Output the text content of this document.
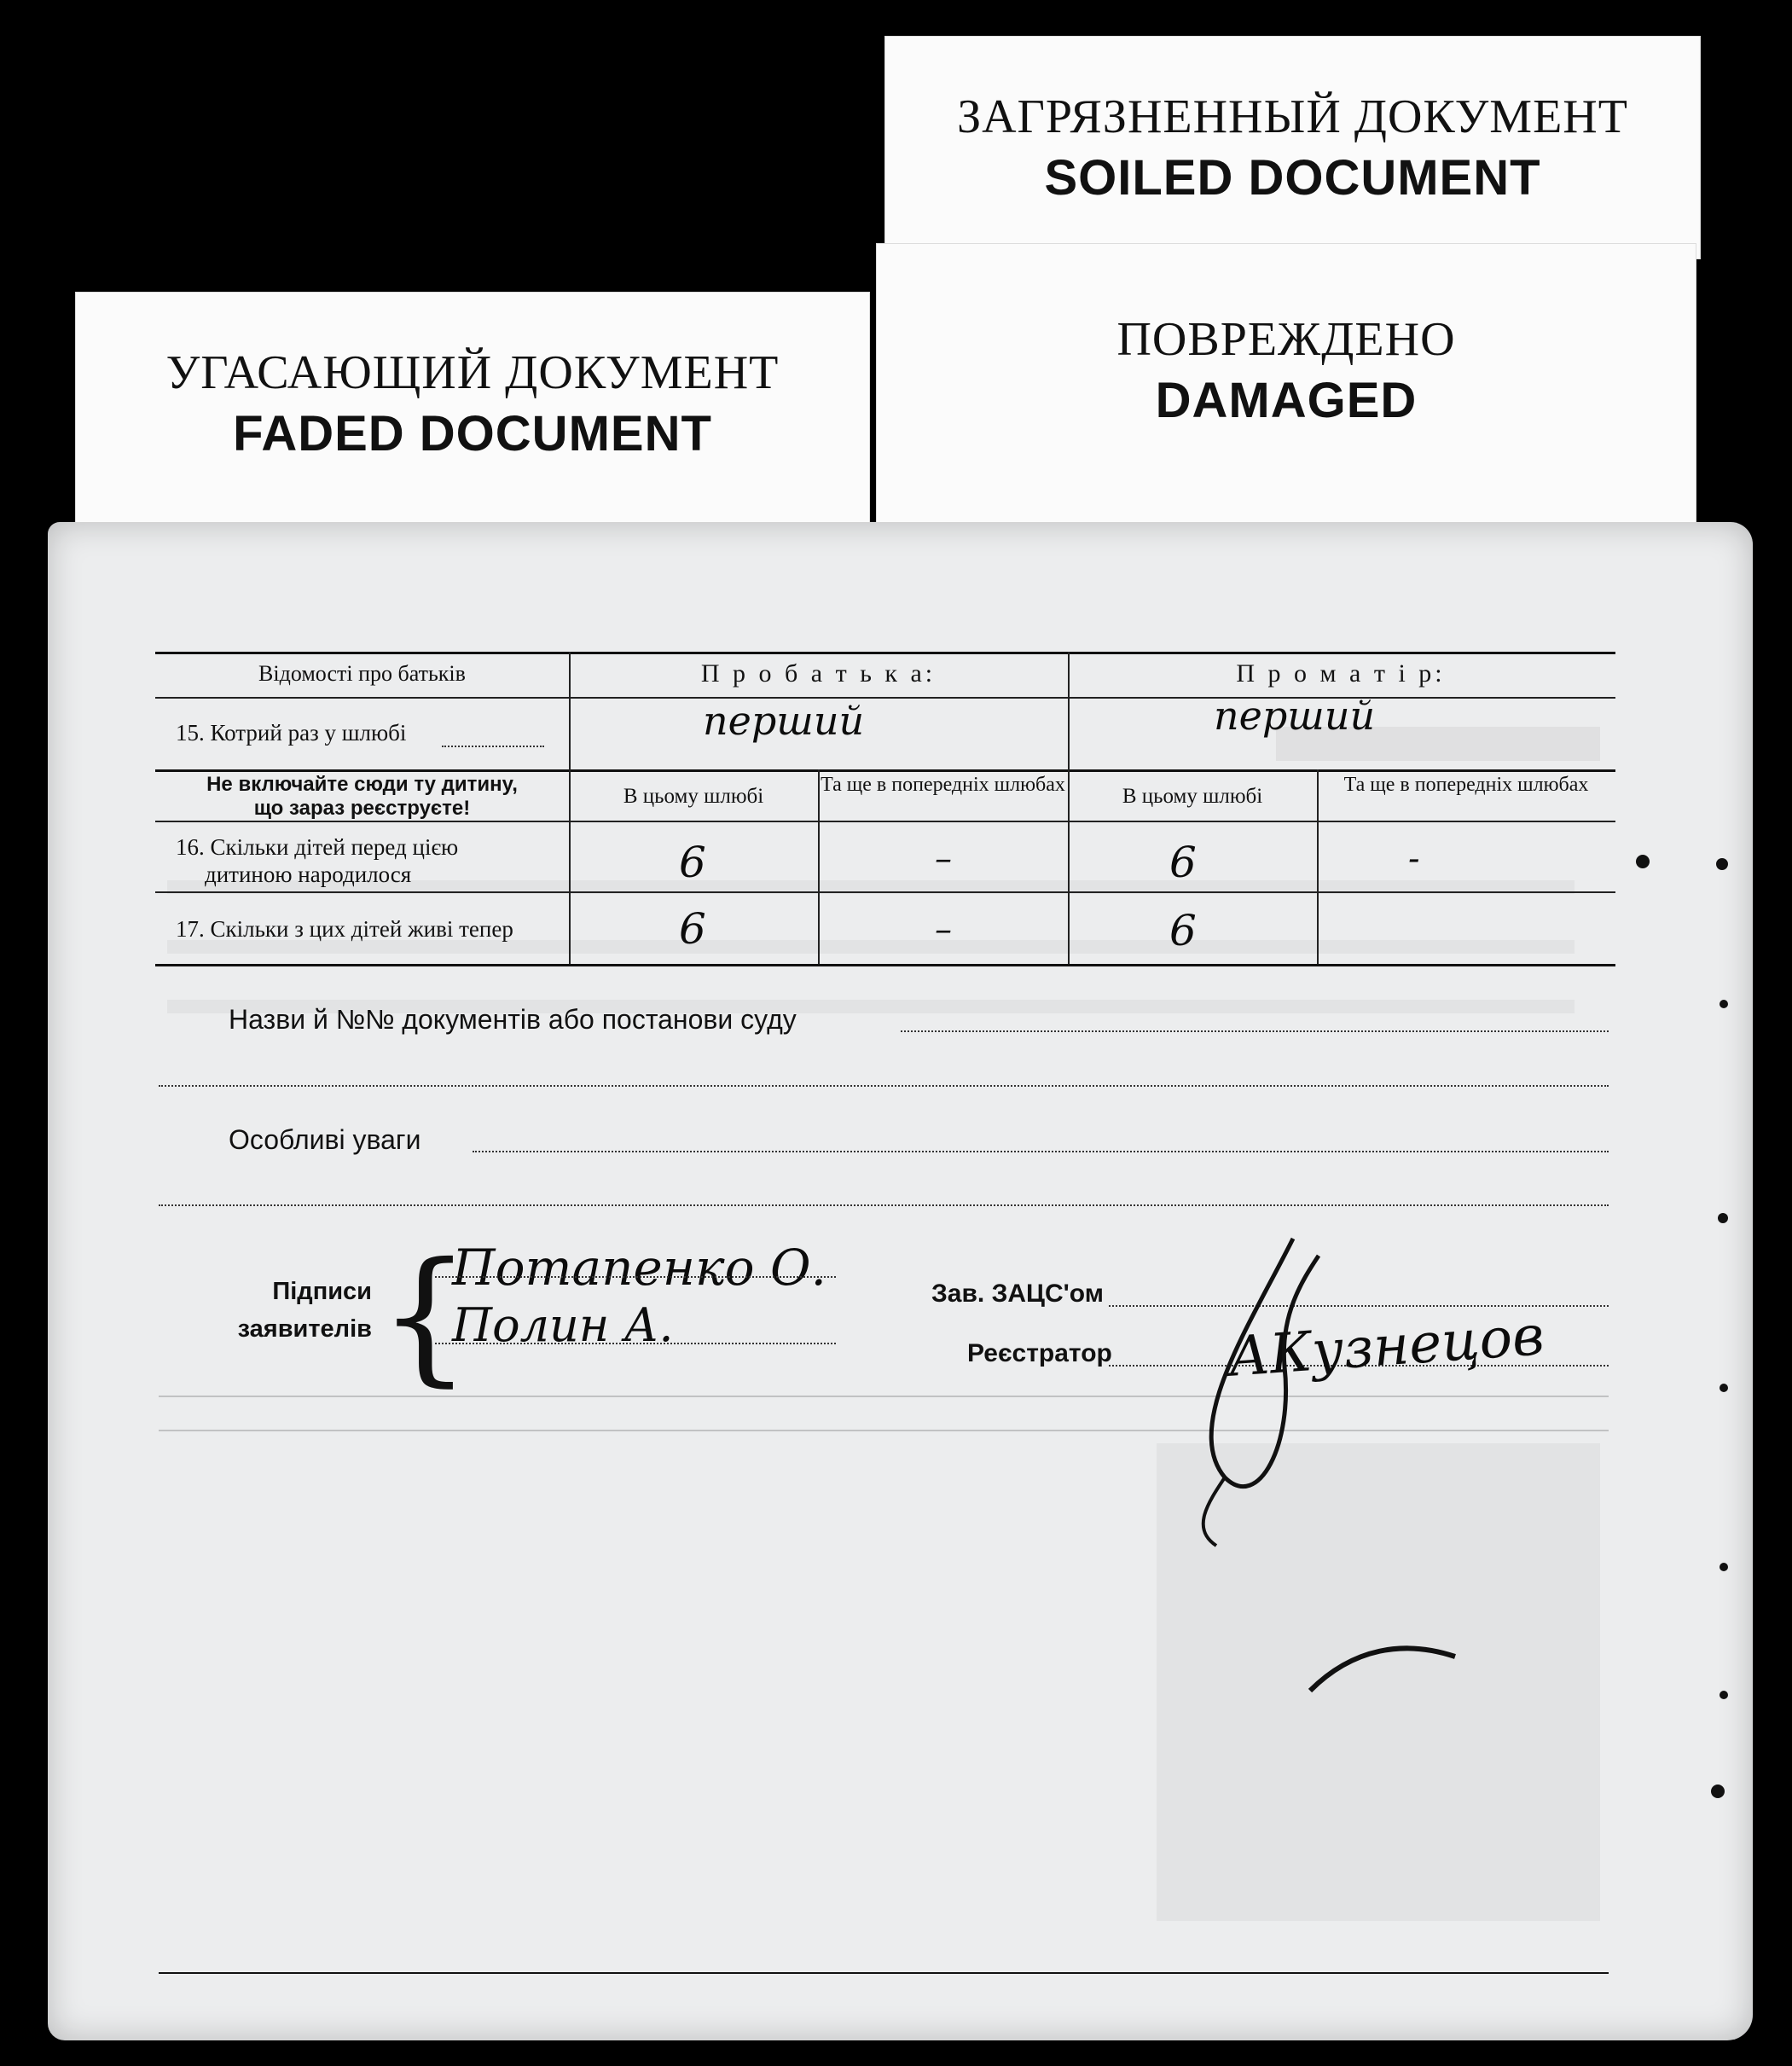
ЗАГРЯЗНЕННЫЙ ДОКУМЕНТ
SOILED DOCUMENT
ПОВРЕЖДЕНО
DAMAGED
УГАСАЮЩИЙ ДОКУМЕНТ
FADED DOCUMENT
Відомості про батьків	П р о б а т ь к а:	П р о м а т і р:
15. Котрий раз у шлюбі	перший	перший
Не включайте сюди ту дитину,
що зараз реєструєте!
В цьому шлюбі	Та ще в попередніх шлюбах	В цьому шлюбі	Та ще в попередніх шлюбах
16. Скільки дітей перед цією
дитиною народилося	6	–	6	-
17. Скільки з цих дітей живі тепер	6	–	6
Назви й №№ документів або постанови суду
Особливі уваги
Підписи
заявителів {
Потапенко О.
Полин А.
Зав. ЗАЦС'ом
Реєстратор АКузнецов
